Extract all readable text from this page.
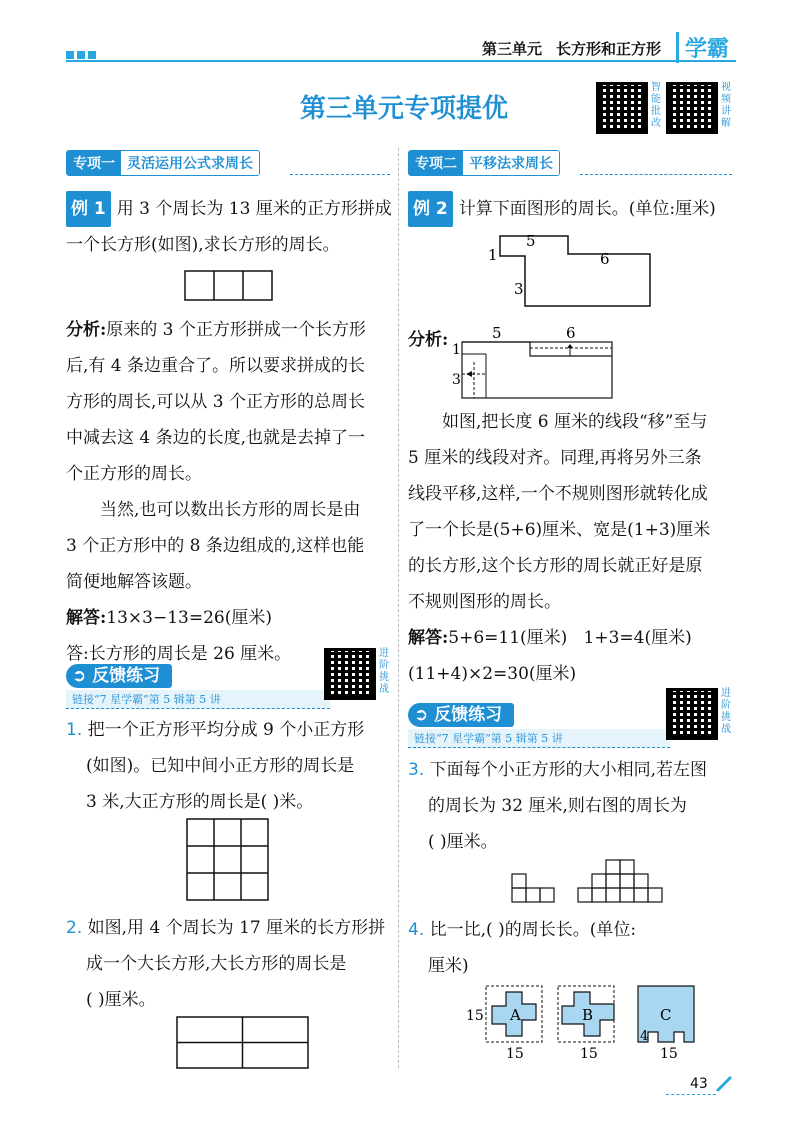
第三单元 长方形和正方形	学霸
第三单元专项提优
智能批改
视频讲解
专项一 灵活运用公式求周长

例 1 用 3 个周长为 13 厘米的正方形拼成

一个长方形(如图),求长方形的周长。

分析:原来的 3 个正方形拼成一个长方形

后,有 4 条边重合了。所以要求拼成的长

方形的周长,可以从 3 个正方形的总周长

中减去这 4 条边的长度,也就是去掉了一

个正方形的周长。

当然,也可以数出长方形的周长是由

3 个正方形中的 8 条边组成的,这样也能

简便地解答该题。

解答:13×3−13=26(厘米)

答:长方形的周长是 26 厘米。

➲ 反馈练习
链接“7 星学霸”第 5 辑第 5 讲
进阶挑战

1. 把一个正方形平均分成 9 个小正方形

(如图)。已知中间小正方形的周长是

3 米,大正方形的周长是( )米。

2. 如图,用 4 个周长为 17 厘米的长方形拼

成一个大长方形,大长方形的周长是

( )厘米。

专项二 平移法求周长

例 2 计算下面图形的周长。(单位:厘米)

5
1	6
3
分析:	5	6
1
3

如图,把长度 6 厘米的线段“移”至与

5 厘米的线段对齐。同理,再将另外三条

线段平移,这样,一个不规则图形就转化成

了一个长是(5+6)厘米、宽是(1+3)厘米

的长方形,这个长方形的周长就正好是原

不规则图形的周长。

解答:5+6=11(厘米) 1+3=4(厘米)

(11+4)×2=30(厘米)

➲ 反馈练习
链接“7 星学霸”第 5 辑第 5 讲
进阶挑战

3. 下面每个小正方形的大小相同,若左图

的周长为 32 厘米,则右图的周长为

( )厘米。

4. 比一比,( )的周长长。(单位:

厘米)

A	B	C
15
15	15	15
4
43
